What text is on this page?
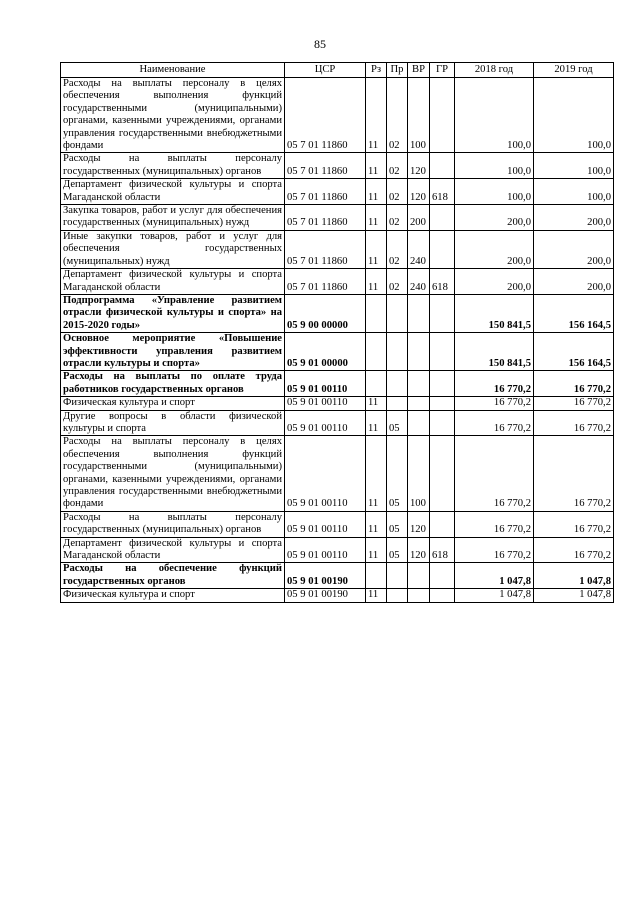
85
Наименование	ЦСР	Рз	Пр	ВР	ГР	2018 год	2019 год
Расходы на выплаты персоналу в целях обеспечения выполнения функций государственными (муниципальными) органами, казенными учреждениями, органами управления государственными внебюджетными фондами	05 7 01 11860	11	02	100		100,0	100,0
Расходы на выплаты персоналу государственных (муниципальных) органов	05 7 01 11860	11	02	120		100,0	100,0
Департамент физической культуры и спорта Магаданской области	05 7 01 11860	11	02	120	618	100,0	100,0
Закупка товаров, работ и услуг для обеспечения государственных (муниципальных) нужд	05 7 01 11860	11	02	200		200,0	200,0
Иные закупки товаров, работ и услуг для обеспечения государственных (муниципальных) нужд	05 7 01 11860	11	02	240		200,0	200,0
Департамент физической культуры и спорта Магаданской области	05 7 01 11860	11	02	240	618	200,0	200,0
Подпрограмма «Управление развитием отрасли физической культуры и спорта» на 2015-2020 годы»	05 9 00 00000					150 841,5	156 164,5
Основное мероприятие «Повышение эффективности управления развитием отрасли культуры и спорта»	05 9 01 00000					150 841,5	156 164,5
Расходы на выплаты по оплате труда работников государственных органов	05 9 01 00110					16 770,2	16 770,2
Физическая культура и спорт	05 9 01 00110	11				16 770,2	16 770,2
Другие вопросы в области физической культуры и спорта	05 9 01 00110	11	05			16 770,2	16 770,2
Расходы на выплаты персоналу в целях обеспечения выполнения функций государственными (муниципальными) органами, казенными учреждениями, органами управления государственными внебюджетными фондами	05 9 01 00110	11	05	100		16 770,2	16 770,2
Расходы на выплаты персоналу государственных (муниципальных) органов	05 9 01 00110	11	05	120		16 770,2	16 770,2
Департамент физической культуры и спорта Магаданской области	05 9 01 00110	11	05	120	618	16 770,2	16 770,2
Расходы на обеспечение функций государственных органов	05 9 01 00190					1 047,8	1 047,8
Физическая культура и спорт	05 9 01 00190	11				1 047,8	1 047,8
